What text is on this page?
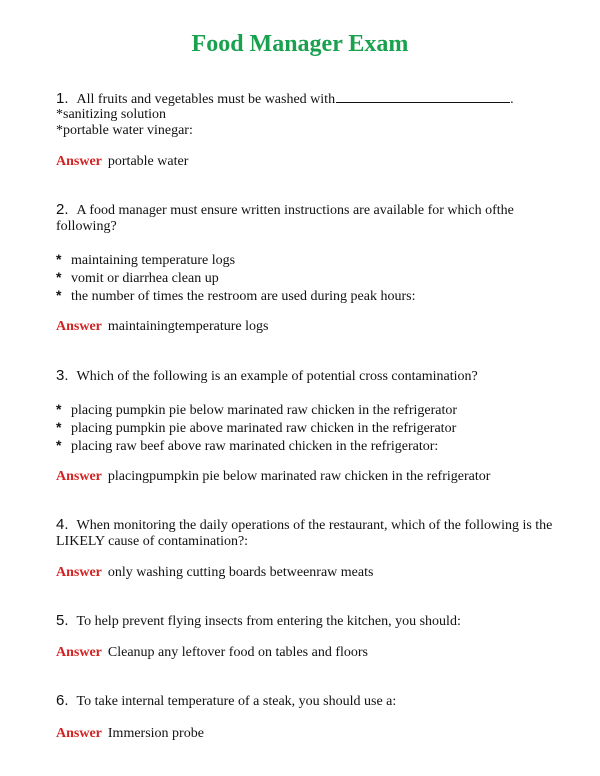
Food Manager Exam
1. All fruits and vegetables must be washed with	.
*sanitizing solution
*portable water vinegar:
Answer portable water
2. A food manager must ensure written instructions are available for which ofthe following?
* maintaining temperature logs
* vomit or diarrhea clean up
* the number of times the restroom are used during peak hours:
Answer maintainingtemperature logs
3. Which of the following is an example of potential cross contamination?
* placing pumpkin pie below marinated raw chicken in the refrigerator
* placing pumpkin pie above marinated raw chicken in the refrigerator
* placing raw beef above raw marinated chicken in the refrigerator:
Answer placingpumpkin pie below marinated raw chicken in the refrigerator
4. When monitoring the daily operations of the restaurant, which of the following is the LIKELY cause of contamination?:
Answer only washing cutting boards betweenraw meats
5. To help prevent flying insects from entering the kitchen, you should:
Answer Cleanup any leftover food on tables and floors
6. To take internal temperature of a steak, you should use a:
Answer Immersion probe
